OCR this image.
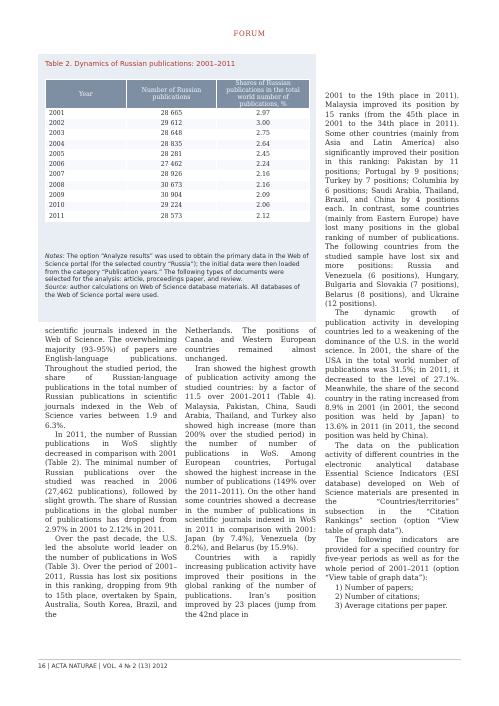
FORUM
Table 2. Dynamics of Russian publications: 2001–2011
Year	Number of Russian publications	Shares of Russian publications in the total world number of publications, %
2001	28 665	2.97
2002	29 612	3.00
2003	28 648	2.75
2004	28 835	2.64
2005	28 281	2.45
2006	27 462	2.24
2007	28 926	2.16
2008	30 673	2.16
2009	30 904	2.09
2010	29 224	2.06
2011	28 573	2.12
Notes: The option “Analyze results” was used to obtain the primary data in the Web of Science portal (for the selected country “Russia”); the initial data were then loaded from the category “Publication years.” The following types of documents were selected for the analysis: article, proceedings paper, and review.
Source: author calculations on Web of Science database materials. All databases of the Web of Science portal were used.

scientific journals indexed in the Web of Science. The overwhelming majority (93–95%) of papers are English-language publications. Throughout the studied period, the share of Russian-language publications in the total number of Russian publications in scientific journals indexed in the Web of Science varies between 1.9 and 6.3%.

In 2011, the number of Russian publications in WoS slightly decreased in comparison with 2001 (Table 2). The minimal number of Russian publications over the studied was reached in 2006 (27,462 publications), followed by slight growth. The share of Russian publications in the global number of publications has dropped from 2.97% in 2001 to 2.12% in 2011.

Over the past decade, the U.S. led the absolute world leader on the number of publications in WoS (Table 3). Over the period of 2001–2011, Russia has lost six positions in this ranking, dropping from 9th to 15th place, overtaken by Spain, Australia, South Korea, Brazil, and the

Netherlands. The positions of Canada and Western European countries remained almost unchanged.

Iran showed the highest growth of publication activity among the studied countries: by a factor of 11.5 over 2001–2011 (Table 4). Malaysia, Pakistan, China, Saudi Arabia, Thailand, and Turkey also showed high increase (more than 200% over the studied period) in the number of number of publications in WoS. Among European countries, Portugal showed the highest increase in the number of publications (149% over the 2011–2011). On the other hand some countries showed a decrease in the number of publications in scientific journals indexed in WoS in 2011 in comparison with 2001: Japan (by 7.4%), Venezuela (by 8.2%), and Belarus (by 15.9%).

Countries with a rapidly increasing publication activity have improved their positions in the global ranking of the number of publications. Iran’s position improved by 23 places (jump from the 42nd place in

2001 to the 19th place in 2011). Malaysia improved its position by 15 ranks (from the 45th place in 2001 to the 34th place in 2011). Some other countries (mainly from Asia and Latin America) also significantly improved their position in this ranking: Pakistan by 11 positions; Portugal by 9 positions; Turkey by 7 positions; Columbia by 6 positions; Saudi Arabia, Thailand, Brazil, and China by 4 positions each. In contrast, some countries (mainly from Eastern Europe) have lost many positions in the global ranking of number of publications. The following countries from the studied sample have lost six and more positions: Russia and Venezuela (6 positions), Hungary, Bulgaria and Slovakia (7 positions), Belarus (8 positions), and Ukraine (12 positions).

The dynamic growth of publication activity in developing countries led to a weakening of the dominance of the U.S. in the world science. In 2001, the share of the USA in the total world number of publications was 31.5%; in 2011, it decreased to the level of 27.1%. Meanwhile, the share of the second country in the rating increased from 8.9% in 2001 (in 2001, the second position was held by Japan) to 13.6% in 2011 (in 2011, the second position was held by China).

The data on the publication activity of different countries in the electronic analytical database Essential Science Indicators (ESI database) developed on Web of Science materials are presented in the “Countries/territories” subsection in the “Citation Rankings” section (option “View table of graph data”).

The following indicators are provided for a specified country for five-year periods as well as for the whole period of 2001–2011 (option “View table of graph data”):

1) Number of papers;
2) Number of citations;
3) Average citations per paper.
16 | ACTA NATURAE | VOL. 4 № 2 (13) 2012
